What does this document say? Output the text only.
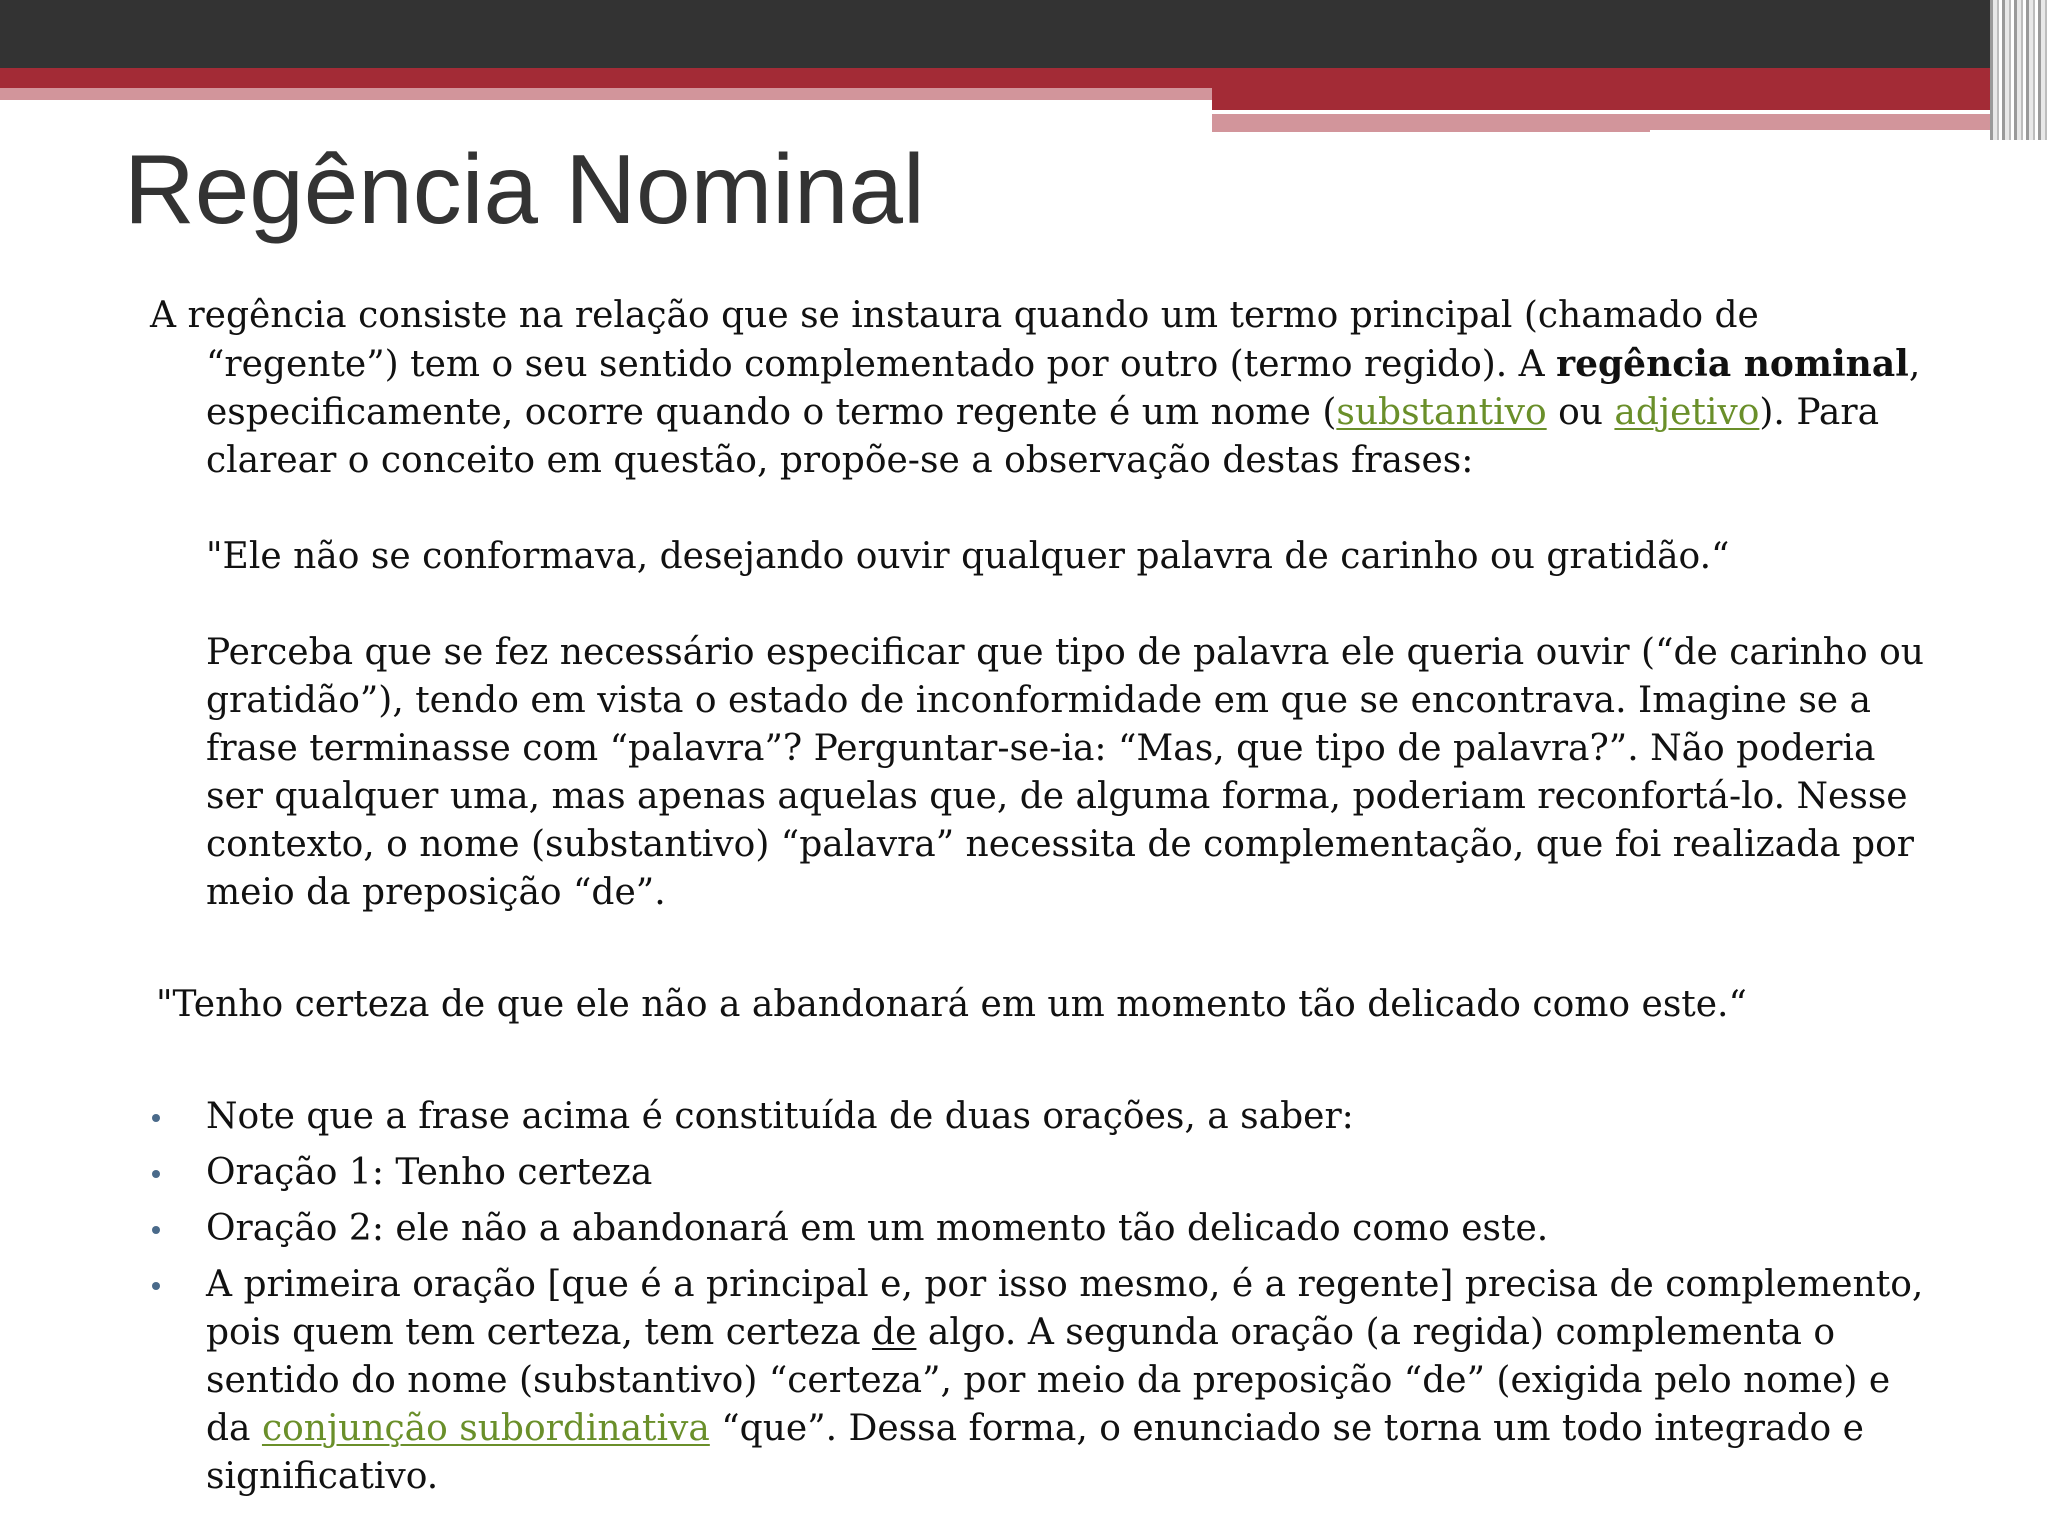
Regência Nominal

A regência consiste na relação que se instaura quando um termo principal (chamado de “regente”) tem o seu sentido complementado por outro (termo regido). A regência nominal, especificamente, ocorre quando o termo regente é um nome (substantivo ou adjetivo). Para clarear o conceito em questão, propõe-se a observação destas frases:

"Ele não se conformava, desejando ouvir qualquer palavra de carinho ou gratidão.“

Perceba que se fez necessário especificar que tipo de palavra ele queria ouvir (“de carinho ou gratidão”), tendo em vista o estado de inconformidade em que se encontrava. Imagine se a frase terminasse com “palavra”? Perguntar-se-ia: “Mas, que tipo de palavra?”. Não poderia ser qualquer uma, mas apenas aquelas que, de alguma forma, poderiam reconfortá-lo. Nesse contexto, o nome (substantivo) “palavra” necessita de complementação, que foi realizada por meio da preposição “de”.

"Tenho certeza de que ele não a abandonará em um momento tão delicado como este.“

Note que a frase acima é constituída de duas orações, a saber:
Oração 1: Tenho certeza
Oração 2: ele não a abandonará em um momento tão delicado como este.
A primeira oração [que é a principal e, por isso mesmo, é a regente] precisa de complemento, pois quem tem certeza, tem certeza de algo. A segunda oração (a regida) complementa o sentido do nome (substantivo) “certeza”, por meio da preposição “de” (exigida pelo nome) e da conjunção subordinativa “que”. Dessa forma, o enunciado se torna um todo integrado e significativo.
